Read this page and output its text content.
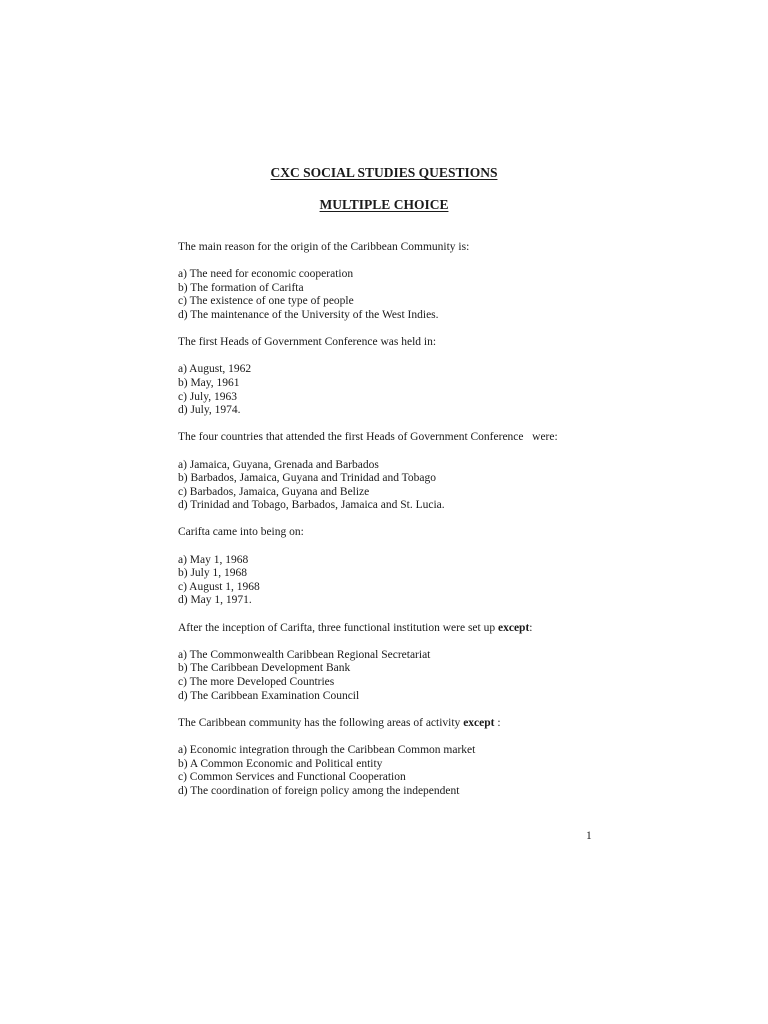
CXC SOCIAL STUDIES QUESTIONS
MULTIPLE CHOICE

The main reason for the origin of the Caribbean Community is:

a) The need for economic cooperation
b) The formation of Carifta
c) The existence of one type of people
d) The maintenance of the University of the West Indies.

The first Heads of Government Conference was held in:

a) August, 1962
b) May, 1961
c) July, 1963
d) July, 1974.

The four countries that attended the first Heads of Government Conference   were:

a) Jamaica, Guyana, Grenada and Barbados
b) Barbados, Jamaica, Guyana and Trinidad and Tobago
c) Barbados, Jamaica, Guyana and Belize
d) Trinidad and Tobago, Barbados, Jamaica and St. Lucia.

Carifta came into being on:

a) May 1, 1968
b) July 1, 1968
c) August 1, 1968
d) May 1, 1971.

After the inception of Carifta, three functional institution were set up except:

a) The Commonwealth Caribbean Regional Secretariat
b) The Caribbean Development Bank
c) The more Developed Countries
d) The Caribbean Examination Council

The Caribbean community has the following areas of activity except :

a) Economic integration through the Caribbean Common market
b) A Common Economic and Political entity
c) Common Services and Functional Cooperation
d) The coordination of foreign policy among the independent
1
